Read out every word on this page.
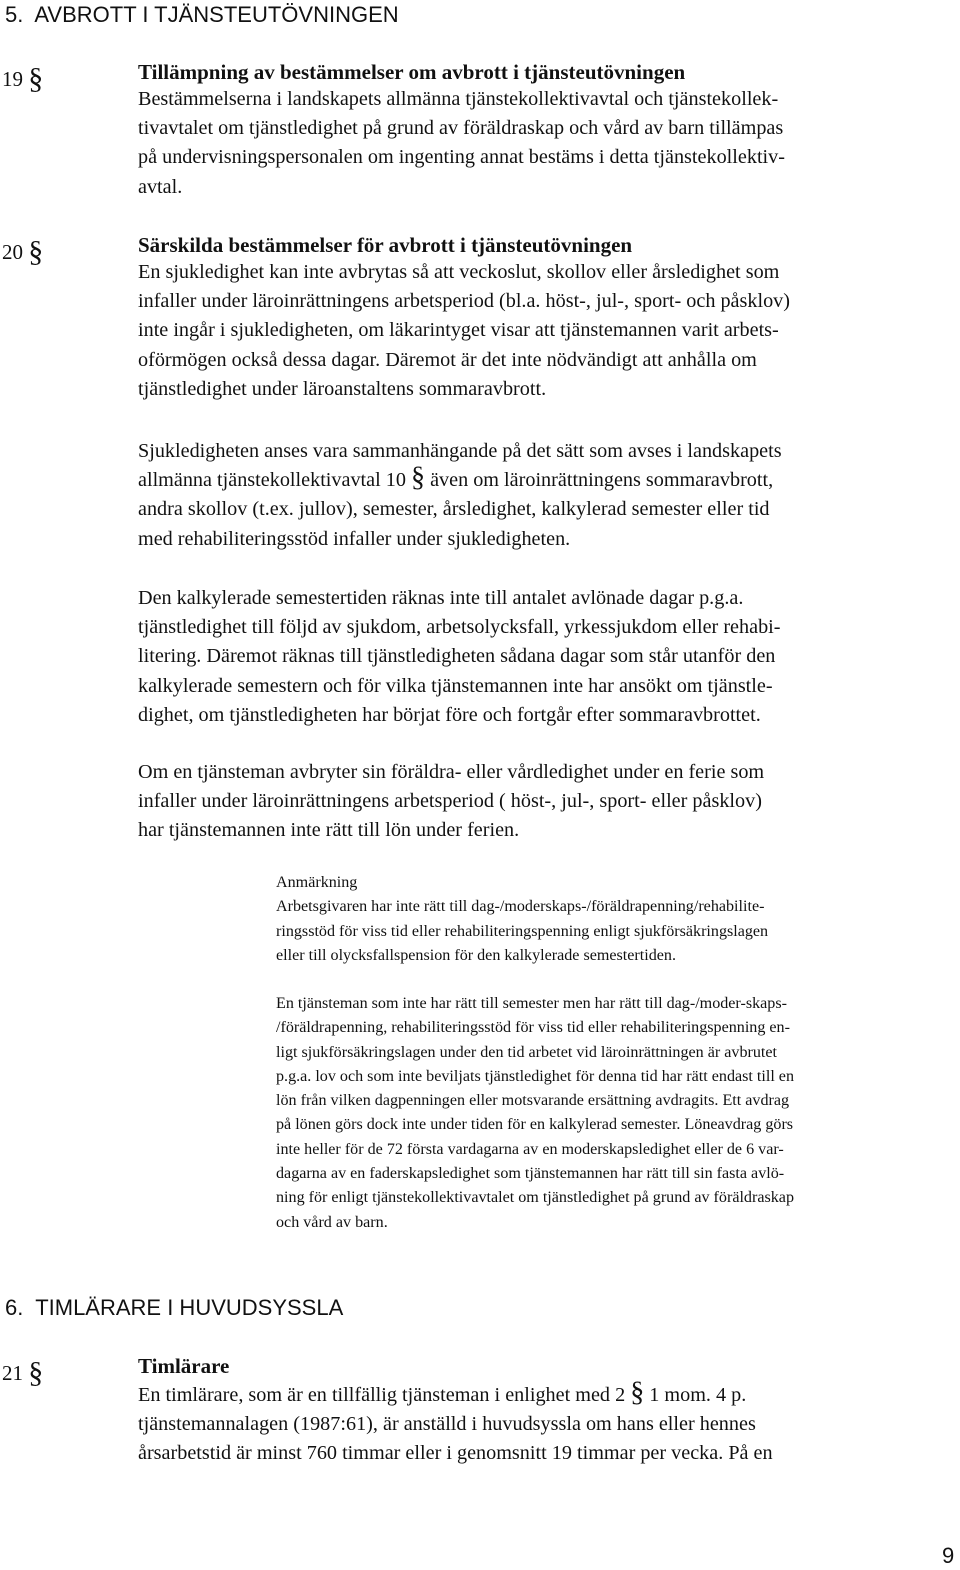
5. AVBROTT I TJÄNSTEUTÖVNINGEN
19 §	Tillämpning av bestämmelser om avbrott i tjänsteutövningen
Bestämmelserna i landskapets allmänna tjänstekollektivavtal och tjänstekollek-
tivavtalet om tjänstledighet på grund av föräldraskap och vård av barn tillämpas
på undervisningspersonalen om ingenting annat bestäms i detta tjänstekollektiv-
avtal.
20 §	Särskilda bestämmelser för avbrott i tjänsteutövningen
En sjukledighet kan inte avbrytas så att veckoslut, skollov eller årsledighet som
infaller under läroinrättningens arbetsperiod (bl.a. höst-, jul-, sport- och påsklov)
inte ingår i sjukledigheten, om läkarintyget visar att tjänstemannen varit arbets-
oförmögen också dessa dagar. Däremot är det inte nödvändigt att anhålla om
tjänstledighet under läroanstaltens sommaravbrott.
Sjukledigheten anses vara sammanhängande på det sätt som avses i landskapets
allmänna tjänstekollektivavtal 10 § även om läroinrättningens sommaravbrott,
andra skollov (t.ex. jullov), semester, årsledighet, kalkylerad semester eller tid
med rehabiliteringsstöd infaller under sjukledigheten.
Den kalkylerade semestertiden räknas inte till antalet avlönade dagar p.g.a.
tjänstledighet till följd av sjukdom, arbetsolycksfall, yrkessjukdom eller rehabi-
litering. Däremot räknas till tjänstledigheten sådana dagar som står utanför den
kalkylerade semestern och för vilka tjänstemannen inte har ansökt om tjänstle-
dighet, om tjänstledigheten har börjat före och fortgår efter sommaravbrottet.
Om en tjänsteman avbryter sin föräldra- eller vårdledighet under en ferie som
infaller under läroinrättningens arbetsperiod ( höst-, jul-, sport- eller påsklov)
har tjänstemannen inte rätt till lön under ferien.
Anmärkning
Arbetsgivaren har inte rätt till dag-/moderskaps-/föräldrapenning/rehabilite-
ringsstöd för viss tid eller rehabiliteringspenning enligt sjukförsäkringslagen
eller till olycksfallspension för den kalkylerade semestertiden.
En tjänsteman som inte har rätt till semester men har rätt till dag-/moder-skaps-
/föräldrapenning, rehabiliteringsstöd för viss tid eller rehabiliteringspenning en-
ligt sjukförsäkringslagen under den tid arbetet vid läroinrättningen är avbrutet
p.g.a. lov och som inte beviljats tjänstledighet för denna tid har rätt endast till en
lön från vilken dagpenningen eller motsvarande ersättning avdragits. Ett avdrag
på lönen görs dock inte under tiden för en kalkylerad semester. Löneavdrag görs
inte heller för de 72 första vardagarna av en moderskapsledighet eller de 6 var-
dagarna av en faderskapsledighet som tjänstemannen har rätt till sin fasta avlö-
ning för enligt tjänstekollektivavtalet om tjänstledighet på grund av föräldraskap
och vård av barn.
6. TIMLÄRARE I HUVUDSYSSLA
21 §	Timlärare
En timlärare, som är en tillfällig tjänsteman i enlighet med 2 § 1 mom. 4 p.
tjänstemannalagen (1987:61), är anställd i huvudsyssla om hans eller hennes
årsarbetstid är minst 760 timmar eller i genomsnitt 19 timmar per vecka. På en
9
